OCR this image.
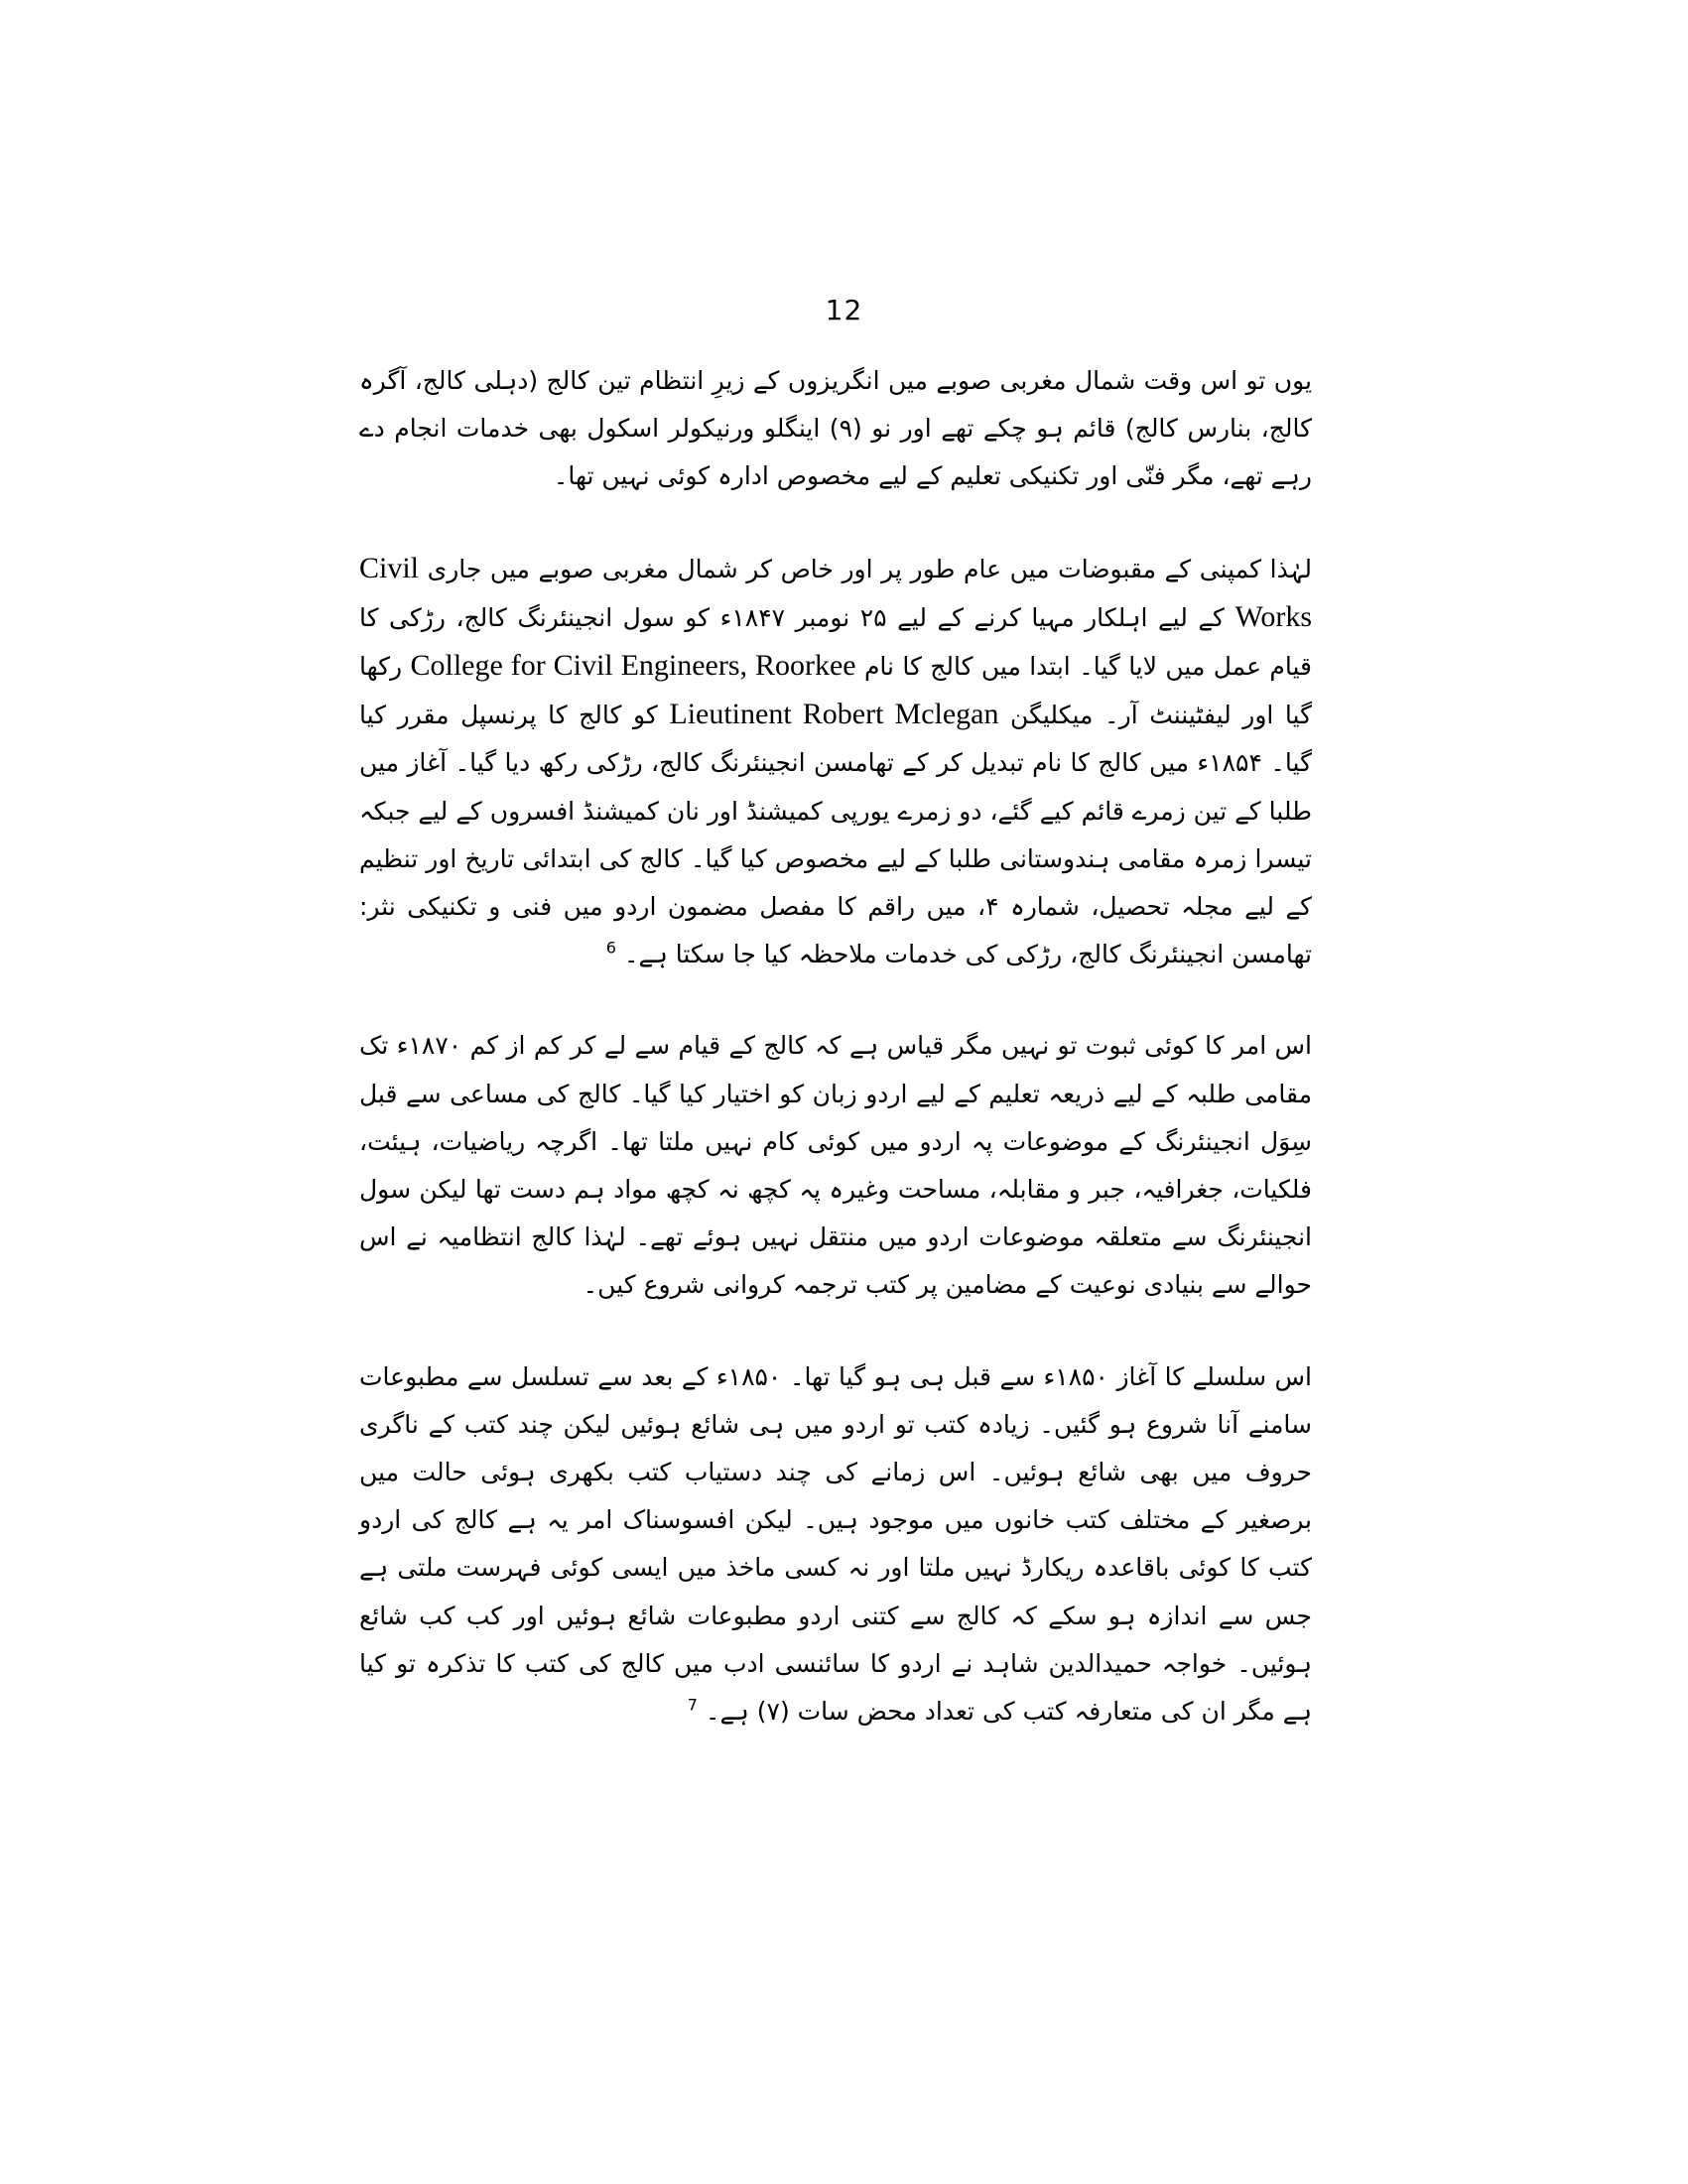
12

یوں تو اس وقت شمال مغربی صوبے میں انگریزوں کے زیرِ انتظام تین کالج (دہلی کالج، آگرہ کالج، بنارس کالج) قائم ہو چکے تھے اور نو (۹) اینگلو ورنیکولر اسکول بھی خدمات انجام دے رہے تھے، مگر فنّی اور تکنیکی تعلیم کے لیے مخصوص ادارہ کوئی نہیں تھا۔

لہٰذا کمپنی کے مقبوضات میں عام طور پر اور خاص کر شمال مغربی صوبے میں جاری Civil Works کے لیے اہلکار مہیا کرنے کے لیے ۲۵ نومبر ۱۸۴۷ء کو سول انجینئرنگ کالج، رڑکی کا قیام عمل میں لایا گیا۔ ابتدا میں کالج کا نام College for Civil Engineers, Roorkee رکھا گیا اور لیفٹیننٹ آر۔ میکلیگن Lieutinent Robert Mclegan کو کالج کا پرنسپل مقرر کیا گیا۔ ۱۸۵۴ء میں کالج کا نام تبدیل کر کے تھامسن انجینئرنگ کالج، رڑکی رکھ دیا گیا۔ آغاز میں طلبا کے تین زمرے قائم کیے گئے، دو زمرے یورپی کمیشنڈ اور نان کمیشنڈ افسروں کے لیے جبکہ تیسرا زمرہ مقامی ہندوستانی طلبا کے لیے مخصوص کیا گیا۔ کالج کی ابتدائی تاریخ اور تنظیم کے لیے مجلہ تحصیل، شمارہ ۴، میں راقم کا مفصل مضمون اردو میں فنی و تکنیکی نثر: تھامسن انجینئرنگ کالج، رڑکی کی خدمات ملاحظہ کیا جا سکتا ہے۔ $^6$

اس امر کا کوئی ثبوت تو نہیں مگر قیاس ہے کہ کالج کے قیام سے لے کر کم از کم ۱۸۷۰ء تک مقامی طلبہ کے لیے ذریعہ تعلیم کے لیے اردو زبان کو اختیار کیا گیا۔ کالج کی مساعی سے قبل سِوَل انجینئرنگ کے موضوعات پہ اردو میں کوئی کام نہیں ملتا تھا۔ اگرچہ ریاضیات، ہیئت، فلکیات، جغرافیہ، جبر و مقابلہ، مساحت وغیرہ پہ کچھ نہ کچھ مواد ہم دست تھا لیکن سول انجینئرنگ سے متعلقہ موضوعات اردو میں منتقل نہیں ہوئے تھے۔ لہٰذا کالج انتظامیہ نے اس حوالے سے بنیادی نوعیت کے مضامین پر کتب ترجمہ کروانی شروع کیں۔

اس سلسلے کا آغاز ۱۸۵۰ء سے قبل ہی ہو گیا تھا۔ ۱۸۵۰ء کے بعد سے تسلسل سے مطبوعات سامنے آنا شروع ہو گئیں۔ زیادہ کتب تو اردو میں ہی شائع ہوئیں لیکن چند کتب کے ناگری حروف میں بھی شائع ہوئیں۔ اس زمانے کی چند دستیاب کتب بکھری ہوئی حالت میں برصغیر کے مختلف کتب خانوں میں موجود ہیں۔ لیکن افسوسناک امر یہ ہے کالج کی اردو کتب کا کوئی باقاعدہ ریکارڈ نہیں ملتا اور نہ کسی ماخذ میں ایسی کوئی فہرست ملتی ہے جس سے اندازہ ہو سکے کہ کالج سے کتنی اردو مطبوعات شائع ہوئیں اور کب کب شائع ہوئیں۔ خواجہ حمیدالدین شاہد نے اردو کا سائنسی ادب میں کالج کی کتب کا تذکرہ تو کیا ہے مگر ان کی متعارفہ کتب کی تعداد محض سات (۷) ہے۔ $^7$
